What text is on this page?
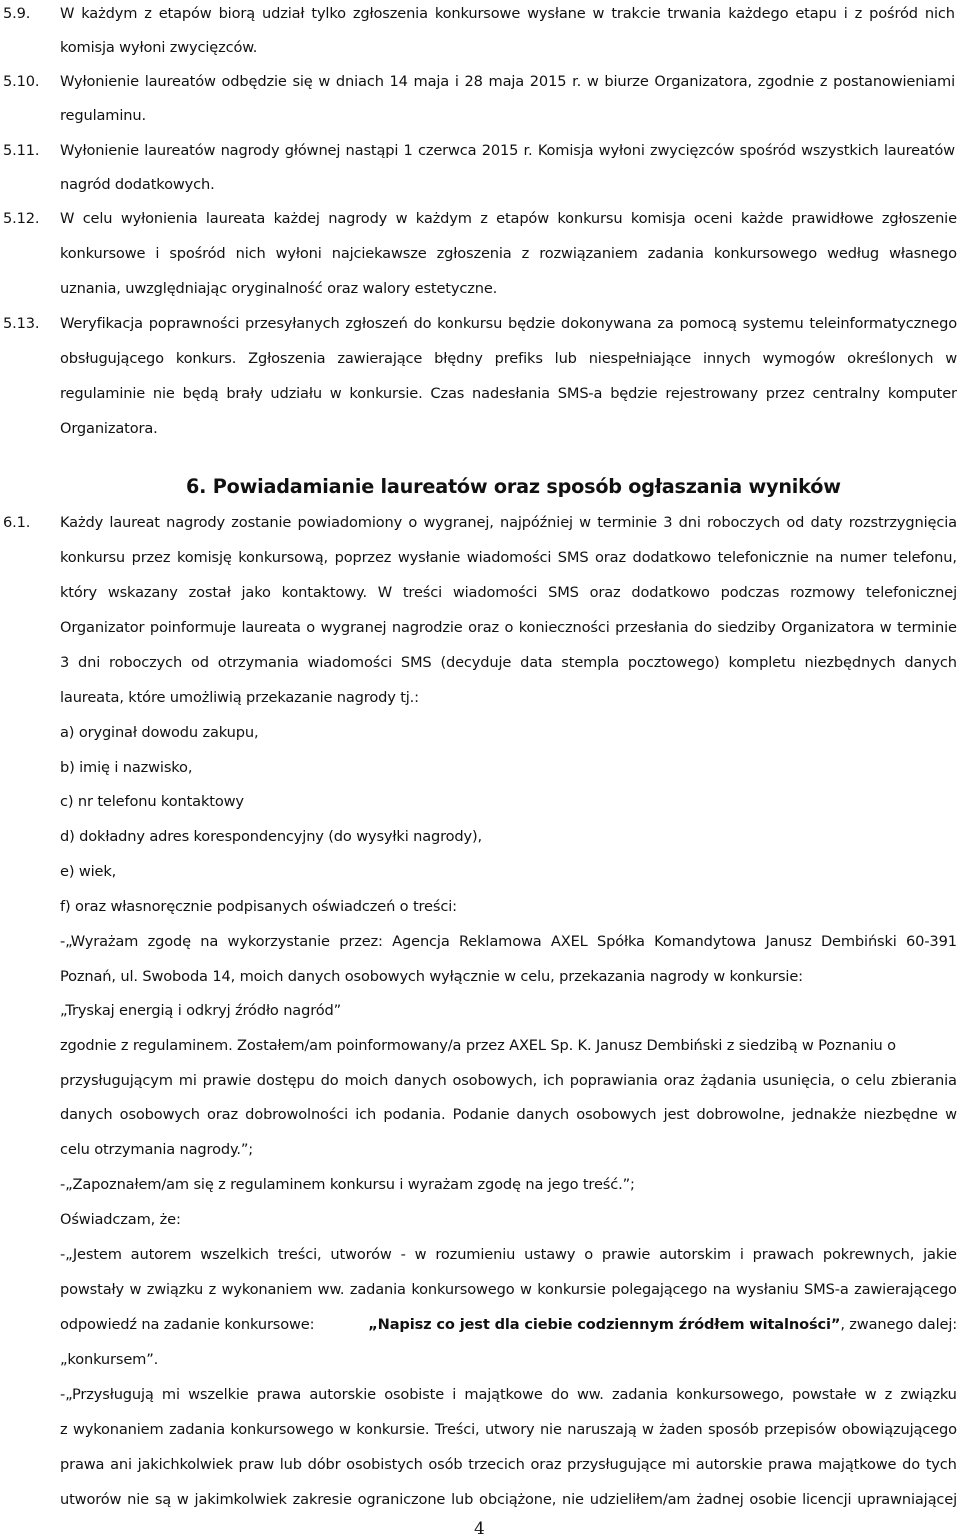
5.9. W każdym z etapów biorą udział tylko zgłoszenia konkursowe wysłane w trakcie trwania każdego etapu i z pośród nich
komisja wyłoni zwycięzców.
5.10. Wyłonienie laureatów odbędzie się w dniach 14 maja i 28 maja 2015 r. w biurze Organizatora, zgodnie z postanowieniami
regulaminu.
5.11. Wyłonienie laureatów nagrody głównej nastąpi 1 czerwca 2015 r. Komisja wyłoni zwycięzców spośród wszystkich laureatów
nagród dodatkowych.
5.12. W celu wyłonienia laureata każdej nagrody w każdym z etapów konkursu komisja oceni każde prawidłowe zgłoszenie
konkursowe i spośród nich wyłoni najciekawsze zgłoszenia z rozwiązaniem zadania konkursowego według własnego
uznania, uwzględniając oryginalność oraz walory estetyczne.
5.13. Weryfikacja poprawności przesyłanych zgłoszeń do konkursu będzie dokonywana za pomocą systemu teleinformatycznego
obsługującego konkurs. Zgłoszenia zawierające błędny prefiks lub niespełniające innych wymogów określonych w
regulaminie nie będą brały udziału w konkursie. Czas nadesłania SMS-a będzie rejestrowany przez centralny komputer
Organizatora.
6. Powiadamianie laureatów oraz sposób ogłaszania wyników
6.1. Każdy laureat nagrody zostanie powiadomiony o wygranej, najpóźniej w terminie 3 dni roboczych od daty rozstrzygnięcia
konkursu przez komisję konkursową, poprzez wysłanie wiadomości SMS oraz dodatkowo telefonicznie na numer telefonu,
który wskazany został jako kontaktowy. W treści wiadomości SMS oraz dodatkowo podczas rozmowy telefonicznej
Organizator poinformuje laureata o wygranej nagrodzie oraz o konieczności przesłania do siedziby Organizatora w terminie
3 dni roboczych od otrzymania wiadomości SMS (decyduje data stempla pocztowego) kompletu niezbędnych danych
laureata, które umożliwią przekazanie nagrody tj.:
a) oryginał dowodu zakupu,
b) imię i nazwisko,
c) nr telefonu kontaktowy
d) dokładny adres korespondencyjny (do wysyłki nagrody),
e) wiek,
f) oraz własnoręcznie podpisanych oświadczeń o treści:
-„Wyrażam zgodę na wykorzystanie przez: Agencja Reklamowa AXEL Spółka Komandytowa Janusz Dembiński 60-391
Poznań, ul. Swoboda 14, moich danych osobowych wyłącznie w celu, przekazania nagrody w konkursie:
„Tryskaj energią i odkryj źródło nagród”
zgodnie z regulaminem. Zostałem/am poinformowany/a przez AXEL Sp. K. Janusz Dembiński z siedzibą w Poznaniu o
przysługującym mi prawie dostępu do moich danych osobowych, ich poprawiania oraz żądania usunięcia, o celu zbierania
danych osobowych oraz dobrowolności ich podania. Podanie danych osobowych jest dobrowolne, jednakże niezbędne w
celu otrzymania nagrody.”;
-„Zapoznałem/am się z regulaminem konkursu i wyrażam zgodę na jego treść.”;
Oświadczam, że:
-„Jestem autorem wszelkich treści, utworów - w rozumieniu ustawy o prawie autorskim i prawach pokrewnych, jakie
powstały w związku z wykonaniem ww. zadania konkursowego w konkursie polegającego na wysłaniu SMS-a zawierającego
odpowiedź na zadanie konkursowe:	„Napisz co jest dla ciebie codziennym źródłem witalności”, zwanego dalej:
„konkursem”.
-„Przysługują mi wszelkie prawa autorskie osobiste i majątkowe do ww. zadania konkursowego, powstałe w z związku
z wykonaniem zadania konkursowego w konkursie. Treści, utwory nie naruszają w żaden sposób przepisów obowiązującego
prawa ani jakichkolwiek praw lub dóbr osobistych osób trzecich oraz przysługujące mi autorskie prawa majątkowe do tych
utworów nie są w jakimkolwiek zakresie ograniczone lub obciążone, nie udzieliłem/am żadnej osobie licencji uprawniającej
4
